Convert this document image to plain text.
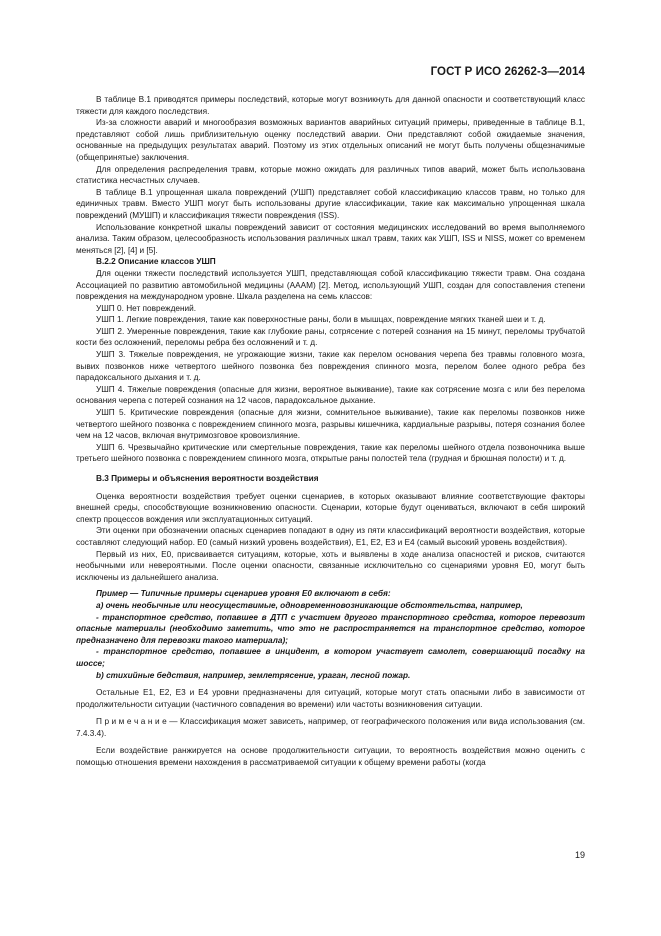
ГОСТ Р ИСО 26262-3—2014

В таблице В.1 приводятся примеры последствий, которые могут возникнуть для данной опасности и соответствующий класс тяжести для каждого последствия.

Из-за сложности аварий и многообразия возможных вариантов аварийных ситуаций примеры, приведенные в таблице В.1, представляют собой лишь приблизительную оценку последствий аварии. Они представляют собой ожидаемые значения, основанные на предыдущих результатах аварий. Поэтому из этих отдельных описаний не могут быть получены общезначимые (общепринятые) заключения.

Для определения распределения травм, которые можно ожидать для различных типов аварий, может быть использована статистика несчастных случаев.

В таблице В.1 упрощенная шкала повреждений (УШП) представляет собой классификацию классов травм, но только для единичных травм. Вместо УШП могут быть использованы другие классификации, такие как максимально упрощенная шкала повреждений (МУШП) и классификация тяжести повреждения (ISS).

Использование конкретной шкалы повреждений зависит от состояния медицинских исследований во время выполняемого анализа. Таким образом, целесообразность использования различных шкал травм, таких как УШП, ISS и NISS, может со временем меняться [2], [4] и [5].

В.2.2 Описание классов УШП

Для оценки тяжести последствий используется УШП, представляющая собой классификацию тяжести травм. Она создана Ассоциацией по развитию автомобильной медицины (АААМ) [2]. Метод, использующий УШП, создан для сопоставления степени повреждения на международном уровне. Шкала разделена на семь классов:

УШП 0. Нет повреждений.

УШП 1. Легкие повреждения, такие как поверхностные раны, боли в мышцах, повреждение мягких тканей шеи и т. д.

УШП 2. Умеренные повреждения, такие как глубокие раны, сотрясение с потерей сознания на 15 минут, переломы трубчатой кости без осложнений, переломы ребра без осложнений и т. д.

УШП 3. Тяжелые повреждения, не угрожающие жизни, такие как перелом основания черепа без травмы головного мозга, вывих позвонков ниже четвертого шейного позвонка без повреждения спинного мозга, перелом более одного ребра без парадоксального дыхания и т. д.

УШП 4. Тяжелые повреждения (опасные для жизни, вероятное выживание), такие как сотрясение мозга с или без перелома основания черепа с потерей сознания на 12 часов, парадоксальное дыхание.

УШП 5. Критические повреждения (опасные для жизни, сомнительное выживание), такие как переломы позвонков ниже четвертого шейного позвонка с повреждением спинного мозга, разрывы кишечника, кардиальные разрывы, потеря сознания более чем на 12 часов, включая внутримозговое кровоизлияние.

УШП 6. Чрезвычайно критические или смертельные повреждения, такие как переломы шейного отдела позвоночника выше третьего шейного позвонка с повреждением спинного мозга, открытые раны полостей тела (грудная и брюшная полости) и т. д.

В.3 Примеры и объяснения вероятности воздействия

Оценка вероятности воздействия требует оценки сценариев, в которых оказывают влияние соответствующие факторы внешней среды, способствующие возникновению опасности. Сценарии, которые будут оцениваться, включают в себя широкий спектр процессов вождения или эксплуатационных ситуаций.

Эти оценки при обозначении опасных сценариев попадают в одну из пяти классификаций вероятности воздействия, которые составляют следующий набор. E0 (самый низкий уровень воздействия), E1, E2, E3 и E4 (самый высокий уровень воздействия).

Первый из них, E0, присваивается ситуациям, которые, хоть и выявлены в ходе анализа опасностей и рисков, считаются необычными или невероятными. После оценки опасности, связанные исключительно со сценариями уровня E0, могут быть исключены из дальнейшего анализа.

Пример — Типичные примеры сценариев уровня E0 включают в себя:

а) очень необычные или неосуществимые, одновременновозникающие обстоятельства, например,

- транспортное средство, попавшее в ДТП с участием другого транспортного средства, которое перевозит опасные материалы (необходимо заметить, что это не распространяется на транспортное средство, которое предназначено для перевозки такого материала);

- транспортное средство, попавшее в инцидент, в котором участвует самолет, совершающий посадку на шоссе;

b) стихийные бедствия, например, землетрясение, ураган, лесной пожар.

Остальные E1, E2, E3 и E4 уровни предназначены для ситуаций, которые могут стать опасными либо в зависимости от продолжительности ситуации (частичного совпадения во времени) или частоты возникновения ситуации.

П р и м е ч а н и е — Классификация может зависеть, например, от географического положения или вида использования (см. 7.4.3.4).

Если воздействие ранжируется на основе продолжительности ситуации, то вероятность воздействия можно оценить с помощью отношения времени нахождения в рассматриваемой ситуации к общему времени работы (когда

19
